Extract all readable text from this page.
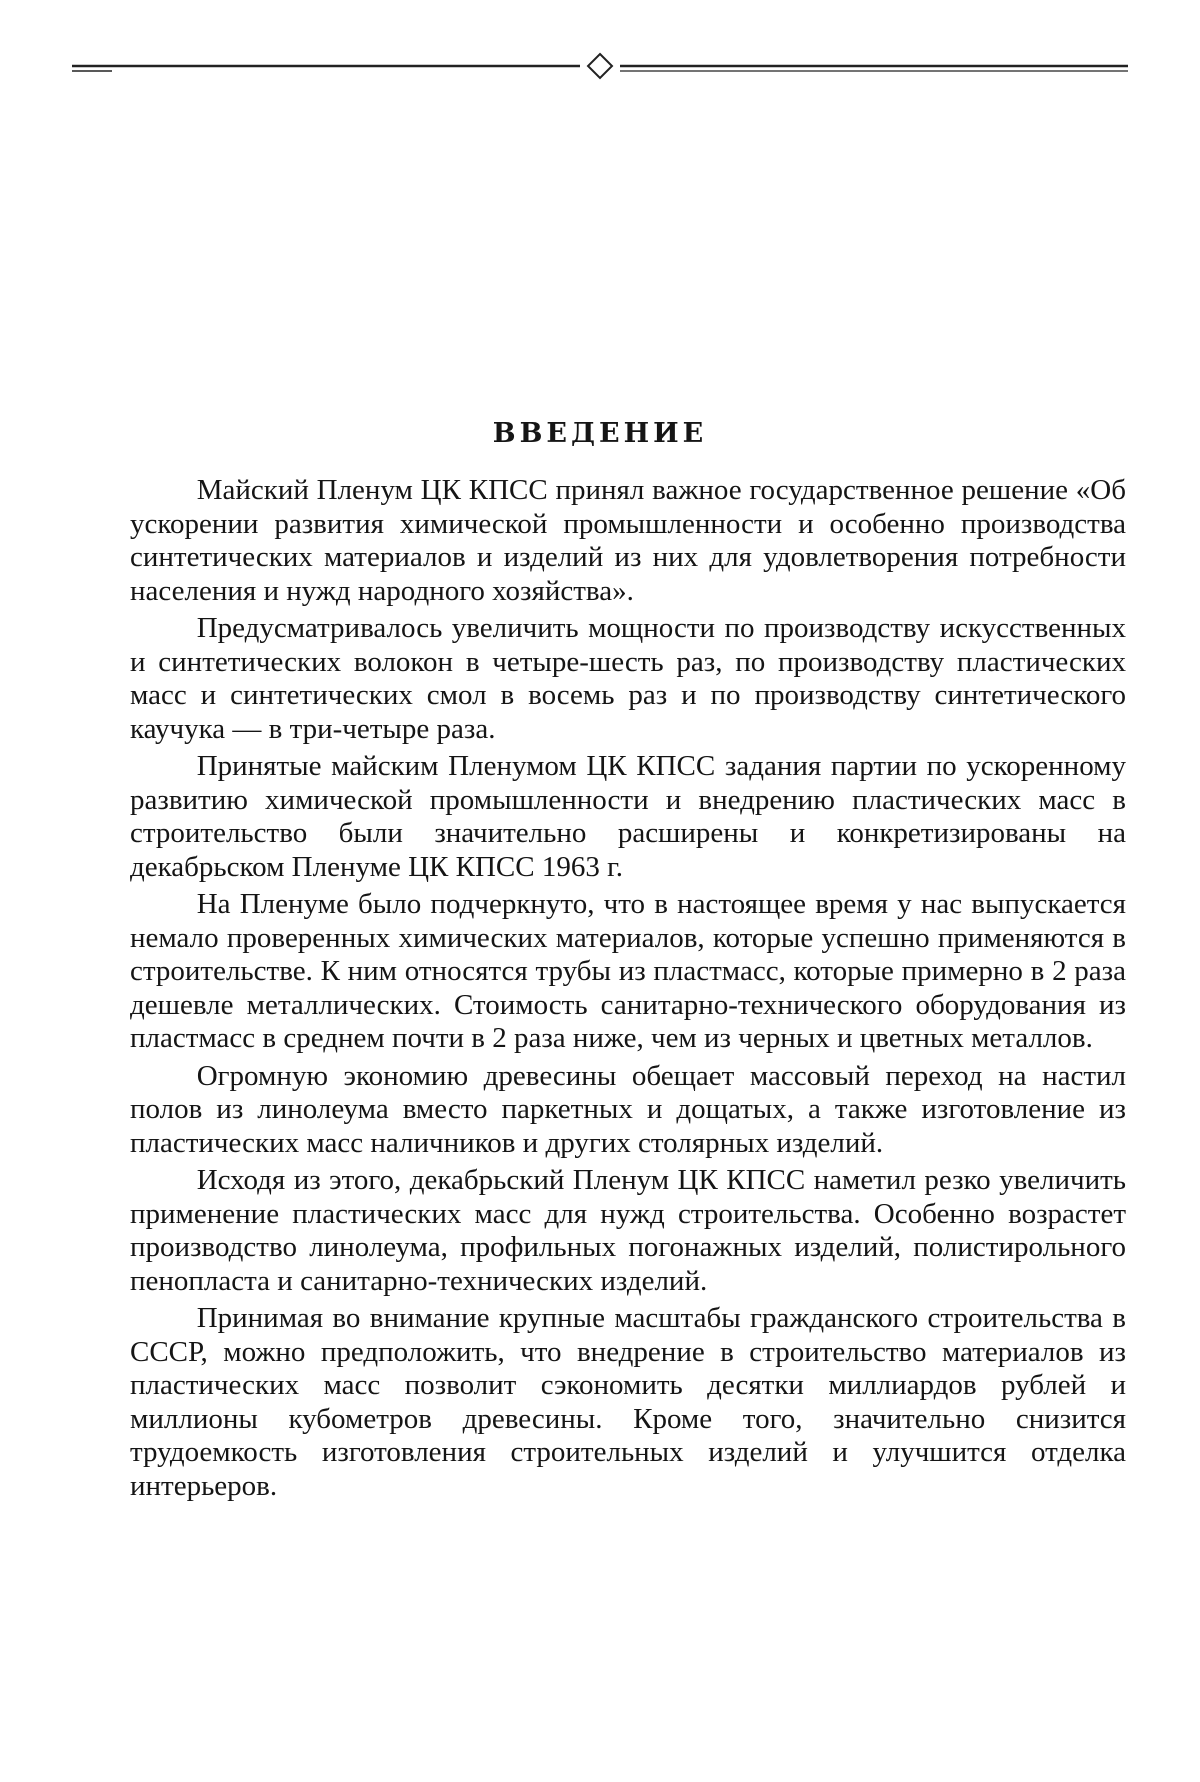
ВВЕДЕНИЕ

Майский Пленум ЦК КПСС принял важное государственное решение «Об ускорении развития химической промышленности и особенно производства синтетических материалов и изделий из них для удовлетворения потребности населения и нужд народного хозяйства».

Предусматривалось увеличить мощности по производству искусственных и синтетических волокон в четыре-шесть раз, по производству пластических масс и синтетических смол в восемь раз и по производству синтетического каучука — в три-четыре раза.

Принятые майским Пленумом ЦК КПСС задания партии по ускоренному развитию химической промышленности и внедрению пластических масс в строительство были значительно расширены и конкретизированы на декабрьском Пленуме ЦК КПСС 1963 г.

На Пленуме было подчеркнуто, что в настоящее время у нас выпускается немало проверенных химических материалов, которые успешно применяются в строительстве. К ним относятся трубы из пластмасс, которые примерно в 2 раза дешевле металлических. Стоимость санитарно-технического оборудования из пластмасс в среднем почти в 2 раза ниже, чем из черных и цветных металлов.

Огромную экономию древесины обещает массовый переход на настил полов из линолеума вместо паркетных и дощатых, а также изготовление из пластических масс наличников и других столярных изделий.

Исходя из этого, декабрьский Пленум ЦК КПСС наметил резко увеличить применение пластических масс для нужд строительства. Особенно возрастет производство линолеума, профильных погонажных изделий, полистирольного пенопласта и санитарно-технических изделий.

Принимая во внимание крупные масштабы гражданского строительства в СССР, можно предположить, что внедрение в строительство материалов из пластических масс позволит сэкономить десятки миллиардов рублей и миллионы кубометров древесины. Кроме того, значительно снизится трудоемкость изготовления строительных изделий и улучшится отделка интерьеров.
